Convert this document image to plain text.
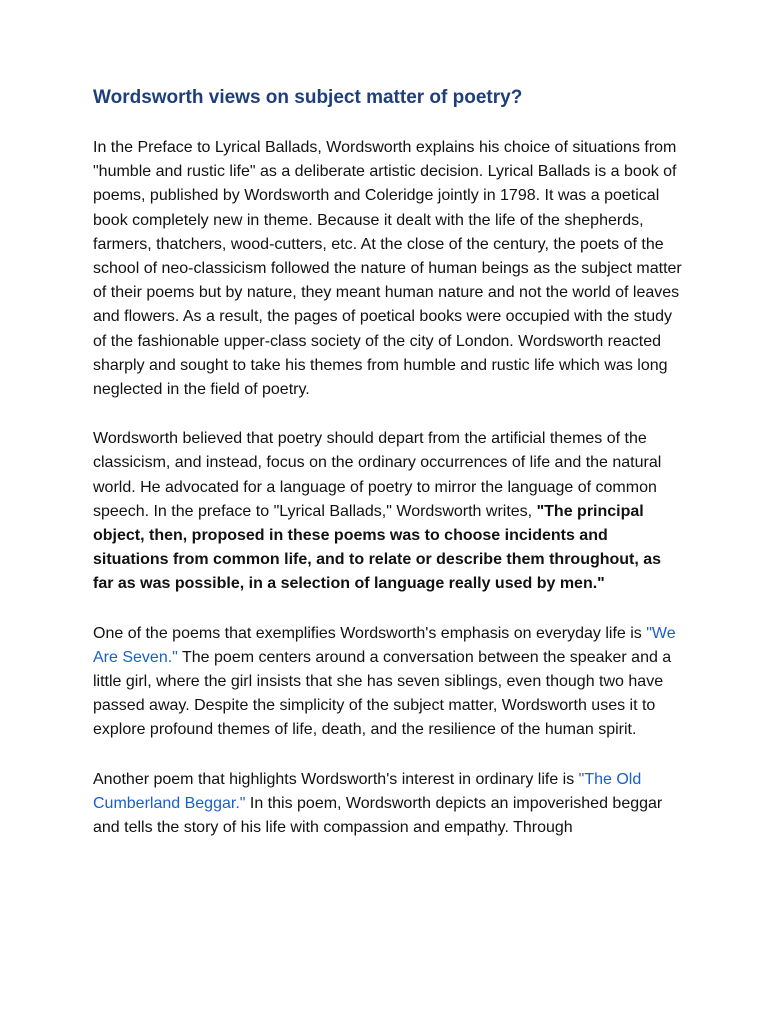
Wordsworth views on subject matter of poetry?

In the Preface to Lyrical Ballads, Wordsworth explains his choice of situations from "humble and rustic life" as a deliberate artistic decision. Lyrical Ballads is a book of poems, published by Wordsworth and Coleridge jointly in 1798. It was a poetical book completely new in theme. Because it dealt with the life of the shepherds, farmers, thatchers, wood-cutters, etc. At the close of the century, the poets of the school of neo-classicism followed the nature of human beings as the subject matter of their poems but by nature, they meant human nature and not the world of leaves and flowers. As a result, the pages of poetical books were occupied with the study of the fashionable upper-class society of the city of London. Wordsworth reacted sharply and sought to take his themes from humble and rustic life which was long neglected in the field of poetry.

Wordsworth believed that poetry should depart from the artificial themes of the classicism, and instead, focus on the ordinary occurrences of life and the natural world. He advocated for a language of poetry to mirror the language of common speech. In the preface to "Lyrical Ballads," Wordsworth writes, "The principal object, then, proposed in these poems was to choose incidents and situations from common life, and to relate or describe them throughout, as far as was possible, in a selection of language really used by men."

One of the poems that exemplifies Wordsworth's emphasis on everyday life is "We Are Seven." The poem centers around a conversation between the speaker and a little girl, where the girl insists that she has seven siblings, even though two have passed away. Despite the simplicity of the subject matter, Wordsworth uses it to explore profound themes of life, death, and the resilience of the human spirit.

Another poem that highlights Wordsworth's interest in ordinary life is "The Old Cumberland Beggar." In this poem, Wordsworth depicts an impoverished beggar and tells the story of his life with compassion and empathy. Through
